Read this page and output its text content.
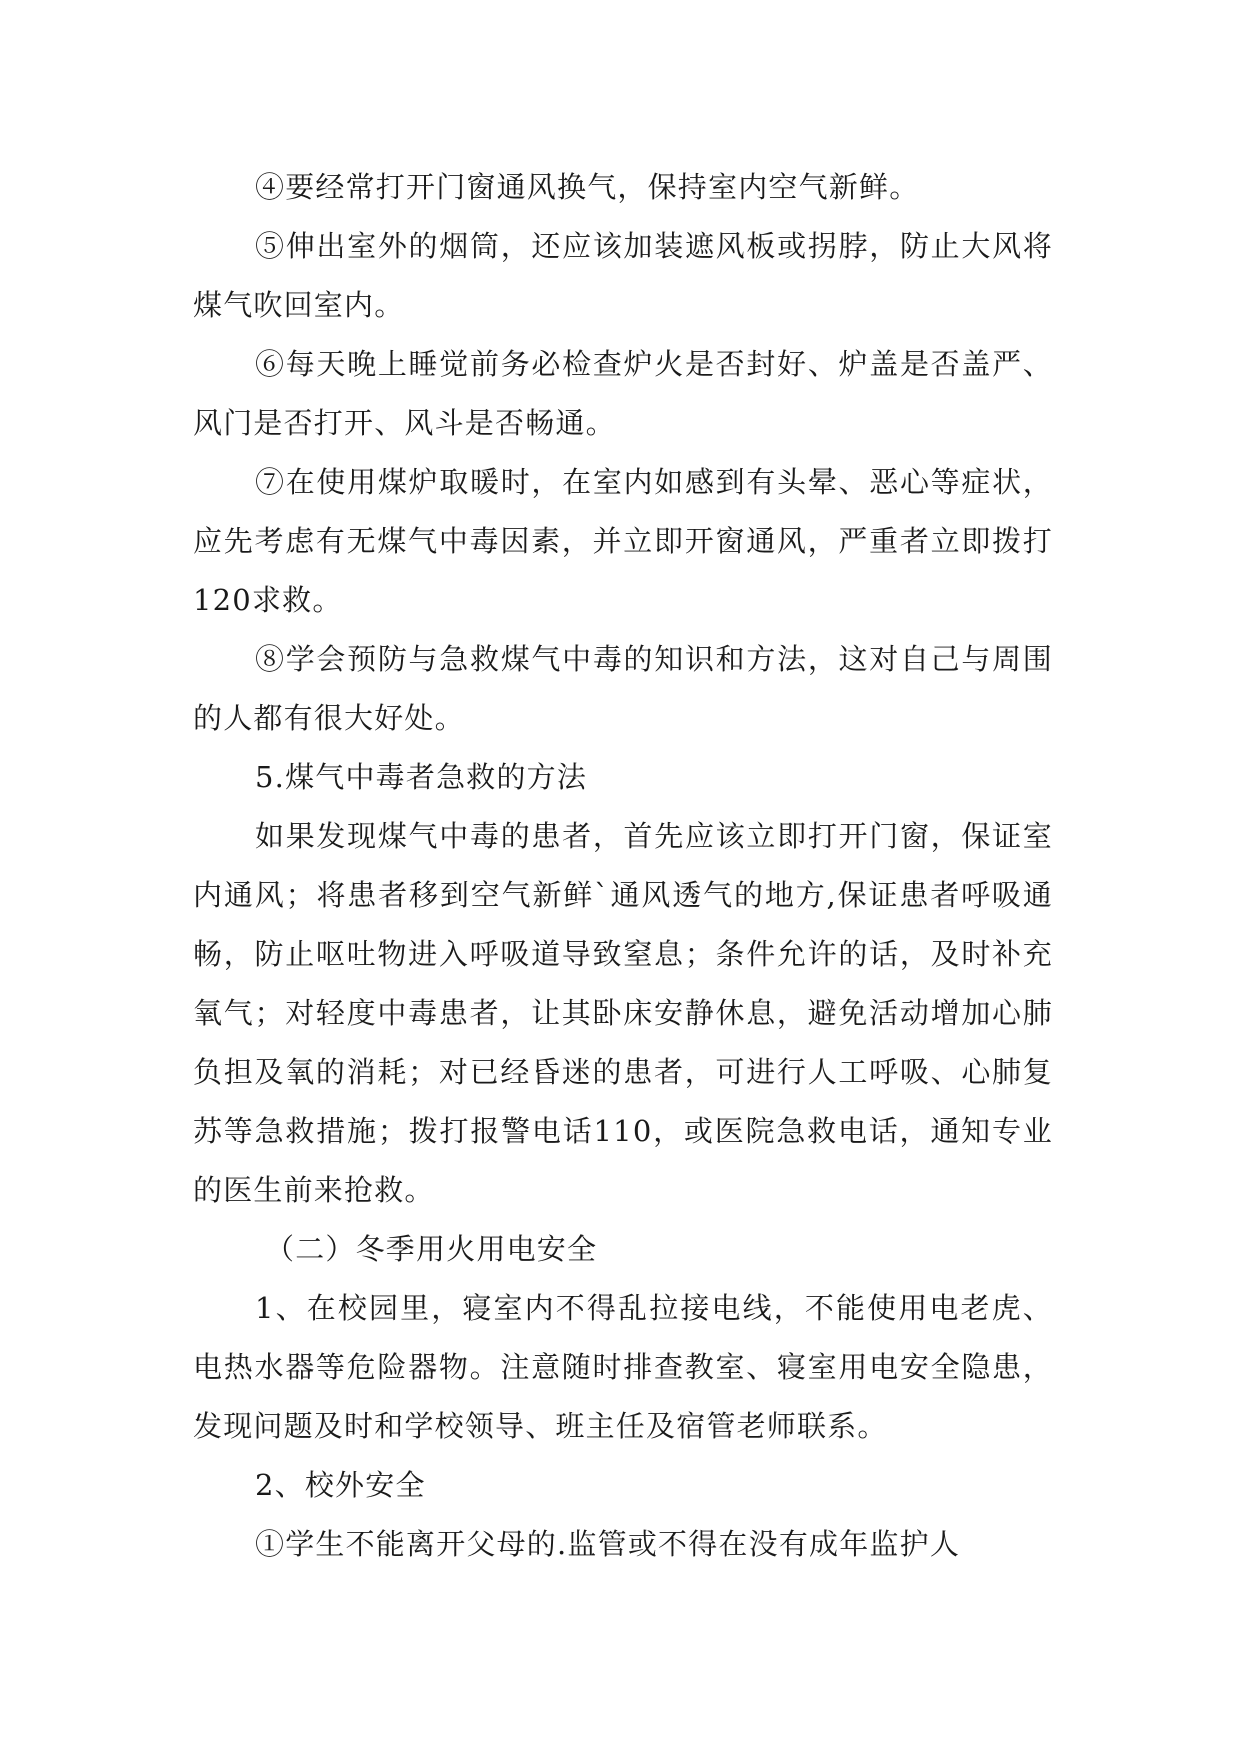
④要经常打开门窗通风换气，保持室内空气新鲜。

⑤伸出室外的烟筒，还应该加装遮风板或拐脖，防止大风将煤气吹回室内。

⑥每天晚上睡觉前务必检查炉火是否封好、炉盖是否盖严、风门是否打开、风斗是否畅通。

⑦在使用煤炉取暖时，在室内如感到有头晕、恶心等症状，应先考虑有无煤气中毒因素，并立即开窗通风，严重者立即拨打120求救。

⑧学会预防与急救煤气中毒的知识和方法，这对自己与周围的人都有很大好处。

5.煤气中毒者急救的方法

如果发现煤气中毒的患者，首先应该立即打开门窗，保证室内通风；将患者移到空气新鲜`通风透气的地方,保证患者呼吸通畅，防止呕吐物进入呼吸道导致窒息；条件允许的话，及时补充氧气；对轻度中毒患者，让其卧床安静休息，避免活动增加心肺负担及氧的消耗；对已经昏迷的患者，可进行人工呼吸、心肺复苏等急救措施；拨打报警电话110，或医院急救电话，通知专业的医生前来抢救。

（二）冬季用火用电安全

1、在校园里，寝室内不得乱拉接电线，不能使用电老虎、电热水器等危险器物。注意随时排查教室、寝室用电安全隐患，发现问题及时和学校领导、班主任及宿管老师联系。

2、校外安全

①学生不能离开父母的.监管或不得在没有成年监护人
